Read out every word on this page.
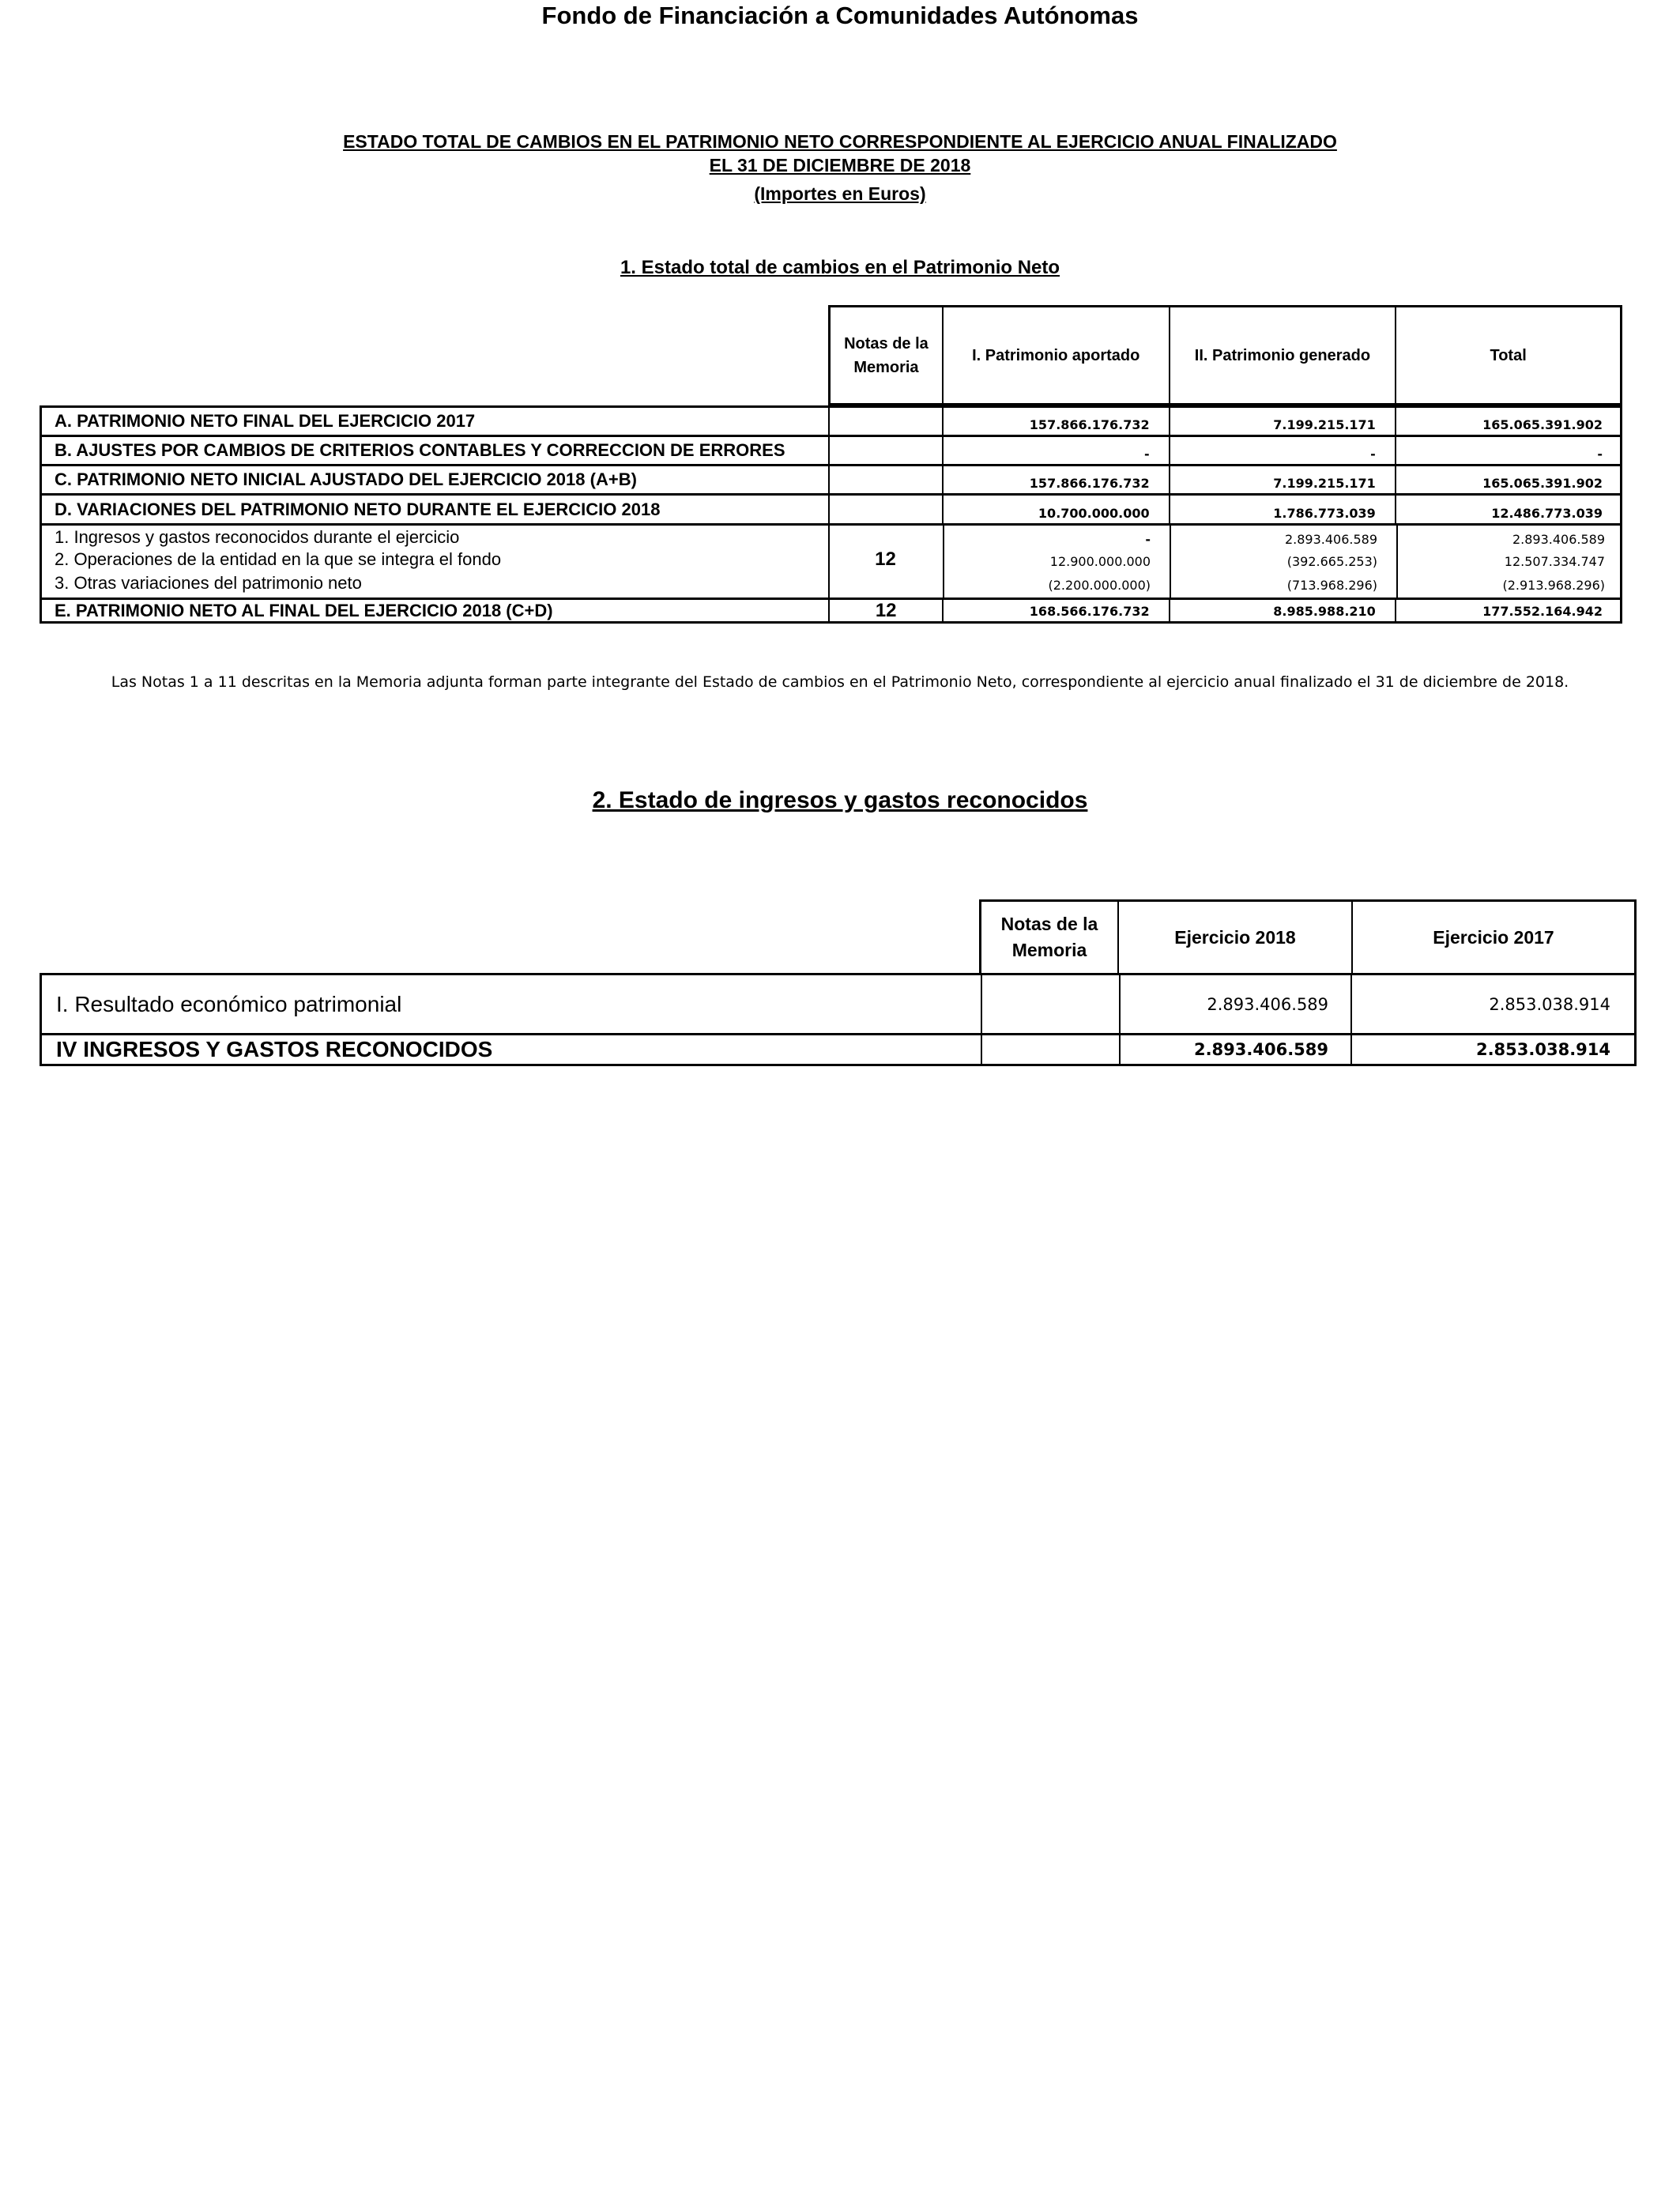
Fondo de Financiación a Comunidades Autónomas
ESTADO TOTAL DE CAMBIOS EN EL PATRIMONIO NETO CORRESPONDIENTE AL EJERCICIO ANUAL FINALIZADO
EL 31 DE DICIEMBRE DE 2018
(Importes en Euros)
1. Estado total de cambios en el Patrimonio Neto
Notas de la Memoria
I. Patrimonio aportado	II. Patrimonio generado	Total
A. PATRIMONIO NETO FINAL DEL EJERCICIO 2017	157.866.176.732	7.199.215.171	165.065.391.902
B. AJUSTES POR CAMBIOS DE CRITERIOS CONTABLES Y CORRECCION DE ERRORES	-	-	-
C. PATRIMONIO NETO INICIAL AJUSTADO DEL EJERCICIO 2018 (A+B)	157.866.176.732	7.199.215.171	165.065.391.902
D. VARIACIONES DEL PATRIMONIO NETO DURANTE EL EJERCICIO 2018	10.700.000.000	1.786.773.039	12.486.773.039
1. Ingresos y gastos reconocidos durante el ejercicio	-	2.893.406.589	2.893.406.589
2. Operaciones de la entidad en la que se integra el fondo	12	12.900.000.000	(392.665.253)	12.507.334.747
3. Otras variaciones del patrimonio neto	(2.200.000.000)	(713.968.296)	(2.913.968.296)
E. PATRIMONIO NETO AL FINAL DEL EJERCICIO 2018 (C+D)	12	168.566.176.732	8.985.988.210	177.552.164.942
Las Notas 1 a 11 descritas en la Memoria adjunta forman parte integrante del Estado de cambios en el Patrimonio Neto, correspondiente al ejercicio anual finalizado el 31 de diciembre de 2018.
2. Estado de ingresos y gastos reconocidos
Notas de la Memoria
Ejercicio 2018	Ejercicio 2017
I. Resultado económico patrimonial	2.893.406.589	2.853.038.914
IV INGRESOS Y GASTOS RECONOCIDOS	2.893.406.589	2.853.038.914
